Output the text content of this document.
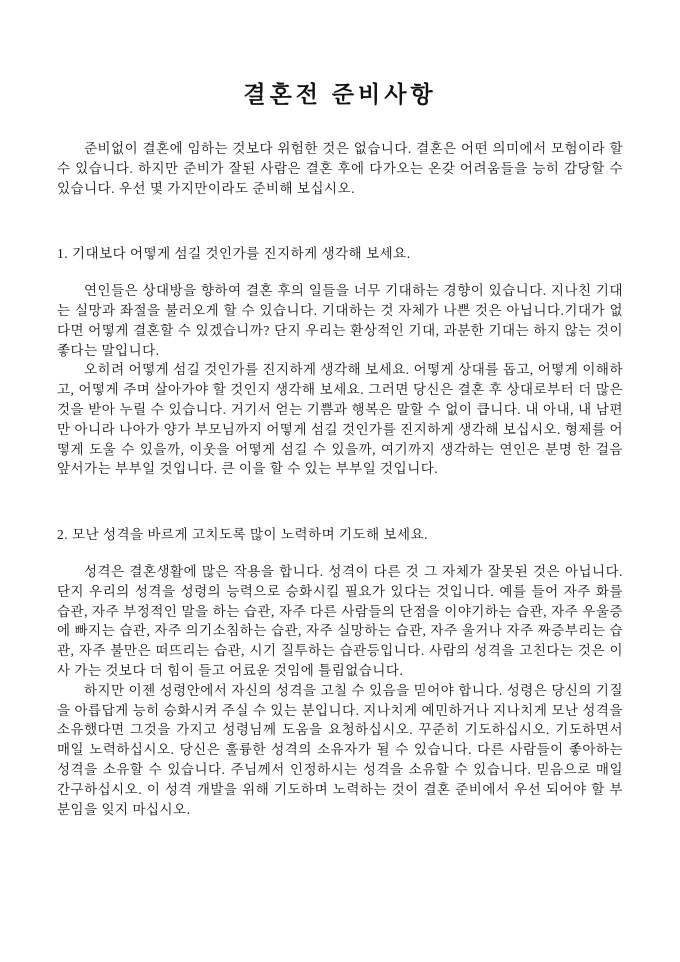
결혼전 준비사항

준비없이 결혼에 임하는 것보다 위험한 것은 없습니다. 결혼은 어떤 의미에서 모험이라 할 수 있습니다. 하지만 준비가 잘된 사람은 결혼 후에 다가오는 온갖 어려움들을 능히 감당할 수 있습니다. 우선 몇 가지만이라도 준비해 보십시오.

1. 기대보다 어떻게 섬길 것인가를 진지하게 생각해 보세요.

연인들은 상대방을 향하여 결혼 후의 일들을 너무 기대하는 경향이 있습니다. 지나친 기대는 실망과 좌절을 불러오게 할 수 있습니다. 기대하는 것 자체가 나쁜 것은 아닙니다.기대가 없다면 어떻게 결혼할 수 있겠습니까? 단지 우리는 환상적인 기대, 과분한 기대는 하지 않는 것이 좋다는 말입니다.

오히려 어떻게 섬길 것인가를 진지하게 생각해 보세요. 어떻게 상대를 돕고, 어떻게 이해하고, 어떻게 주며 살아가야 할 것인지 생각해 보세요. 그러면 당신은 결혼 후 상대로부터 더 많은 것을 받아 누릴 수 있습니다. 거기서 얻는 기쁨과 행복은 말할 수 없이 큽니다. 내 아내, 내 남편만 아니라 나아가 양가 부모님까지 어떻게 섬길 것인가를 진지하게 생각해 보십시오. 형제를 어떻게 도울 수 있을까, 이웃을 어떻게 섬길 수 있을까, 여기까지 생각하는 연인은 분명 한 걸음 앞서가는 부부일 것입니다. 큰 이을 할 수 있는 부부일 것입니다.

2. 모난 성격을 바르게 고치도록 많이 노력하며 기도해 보세요.

성격은 결혼생활에 많은 작용을 합니다. 성격이 다른 것 그 자체가 잘못된 것은 아닙니다. 단지 우리의 성격을 성령의 능력으로 승화시킬 필요가 있다는 것입니다. 예를 들어 자주 화를 습관, 자주 부정적인 말을 하는 습관, 자주 다른 사람들의 단점을 이야기하는 습관, 자주 우울증에 빠지는 습관, 자주 의기소침하는 습관, 자주 실망하는 습관, 자주 울거나 자주 짜증부리는 습관, 자주 불만은 떠뜨리는 습관, 시기 질투하는 습관등입니다. 사람의 성격을 고친다는 것은 이사 가는 것보다 더 힘이 들고 어료운 것임에 틀림없습니다.

하지만 이젠 성령안에서 자신의 성격을 고칠 수 있음을 믿어야 합니다. 성령은 당신의 기질을 아릅답게 능히 승화시켜 주실 수 있는 분입니다. 지나치게 예민하거나 지나치게 모난 성격을 소유했다면 그것을 가지고 성령님께 도움을 요청하십시오. 꾸준히 기도하십시오. 기도하면서 매일 노력하십시오. 당신은 훌륭한 성격의 소유자가 될 수 있습니다. 다른 사람들이 좋아하는 성격을 소유할 수 있습니다. 주님께서 인정하시는 성격을 소유할 수 있습니다. 믿음으로 매일 간구하십시오. 이 성격 개발을 위해 기도하며 노력하는 것이 결혼 준비에서 우선 되어야 할 부분임을 잊지 마십시오.
